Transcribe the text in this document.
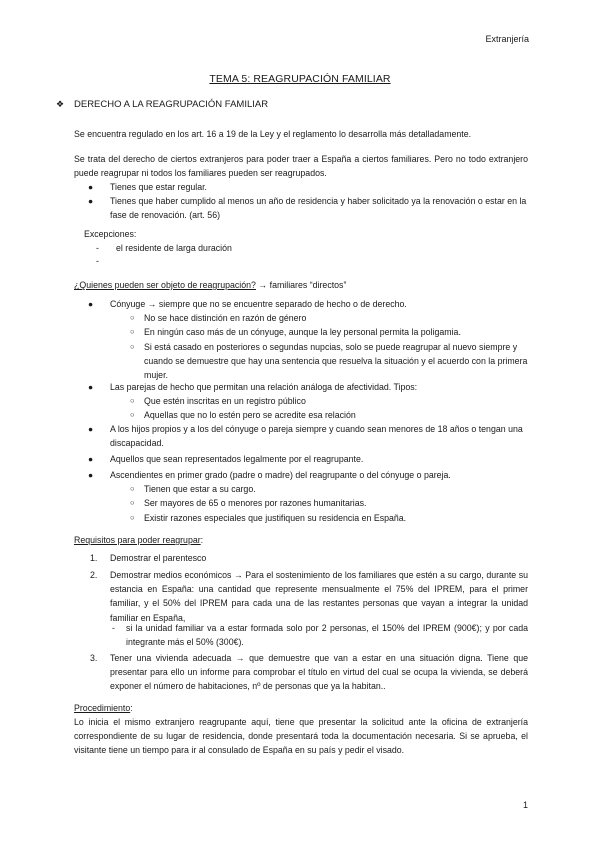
Extranjería
TEMA 5: REAGRUPACIÓN FAMILIAR
❖ DERECHO A LA REAGRUPACIÓN FAMILIAR
Se encuentra regulado en los art. 16 a 19 de la Ley y el reglamento lo desarrolla más detalladamente.
Se trata del derecho de ciertos extranjeros para poder traer a España a ciertos familiares. Pero no todo extranjero puede reagrupar ni todos los familiares pueden ser reagrupados.
● Tienes que estar regular.
● Tienes que haber cumplido al menos un año de residencia y haber solicitado ya la renovación o estar en la fase de renovación. (art. 56)
Excepciones:
- el residente de larga duración
-
¿Quienes pueden ser objeto de reagrupación? → familiares “directos”
● Cónyuge → siempre que no se encuentre separado de hecho o de derecho.
○ No se hace distinción en razón de género
○ En ningún caso más de un cónyuge, aunque la ley personal permita la poligamia.
○ Si está casado en posteriores o segundas nupcias, solo se puede reagrupar al nuevo siempre y cuando se demuestre que hay una sentencia que resuelva la situación y el acuerdo con la primera mujer.
● Las parejas de hecho que permitan una relación análoga de afectividad. Tipos:
○ Que estén inscritas en un registro público
○ Aquellas que no lo estén pero se acredite esa relación
● A los hijos propios y a los del cónyuge o pareja siempre y cuando sean menores de 18 años o tengan una discapacidad.
● Aquellos que sean representados legalmente por el reagrupante.
● Ascendientes en primer grado (padre o madre) del reagrupante o del cónyuge o pareja.
○ Tienen que estar a su cargo.
○ Ser mayores de 65 o menores por razones humanitarias.
○ Existir razones especiales que justifiquen su residencia en España.
Requisitos para poder reagrupar:
1. Demostrar el parentesco
2. Demostrar medios económicos → Para el sostenimiento de los familiares que estén a su cargo, durante su estancia en España: una cantidad que represente mensualmente el 75% del IPREM, para el primer familiar, y el 50% del IPREM para cada una de las restantes personas que vayan a integrar la unidad familiar en España,
- si la unidad familiar va a estar formada solo por 2 personas, el 150% del IPREM (900€); y por cada integrante más el 50% (300€).
3. Tener una vivienda adecuada → que demuestre que van a estar en una situación digna. Tiene que presentar para ello un informe para comprobar el título en virtud del cual se ocupa la vivienda, se deberá exponer el número de habitaciones, nº de personas que ya la habitan..
Procedimiento:
Lo inicia el mismo extranjero reagrupante aquí, tiene que presentar la solicitud ante la oficina de extranjería correspondiente de su lugar de residencia, donde presentará toda la documentación necesaria. Si se aprueba, el visitante tiene un tiempo para ir al consulado de España en su país y pedir el visado.
1
